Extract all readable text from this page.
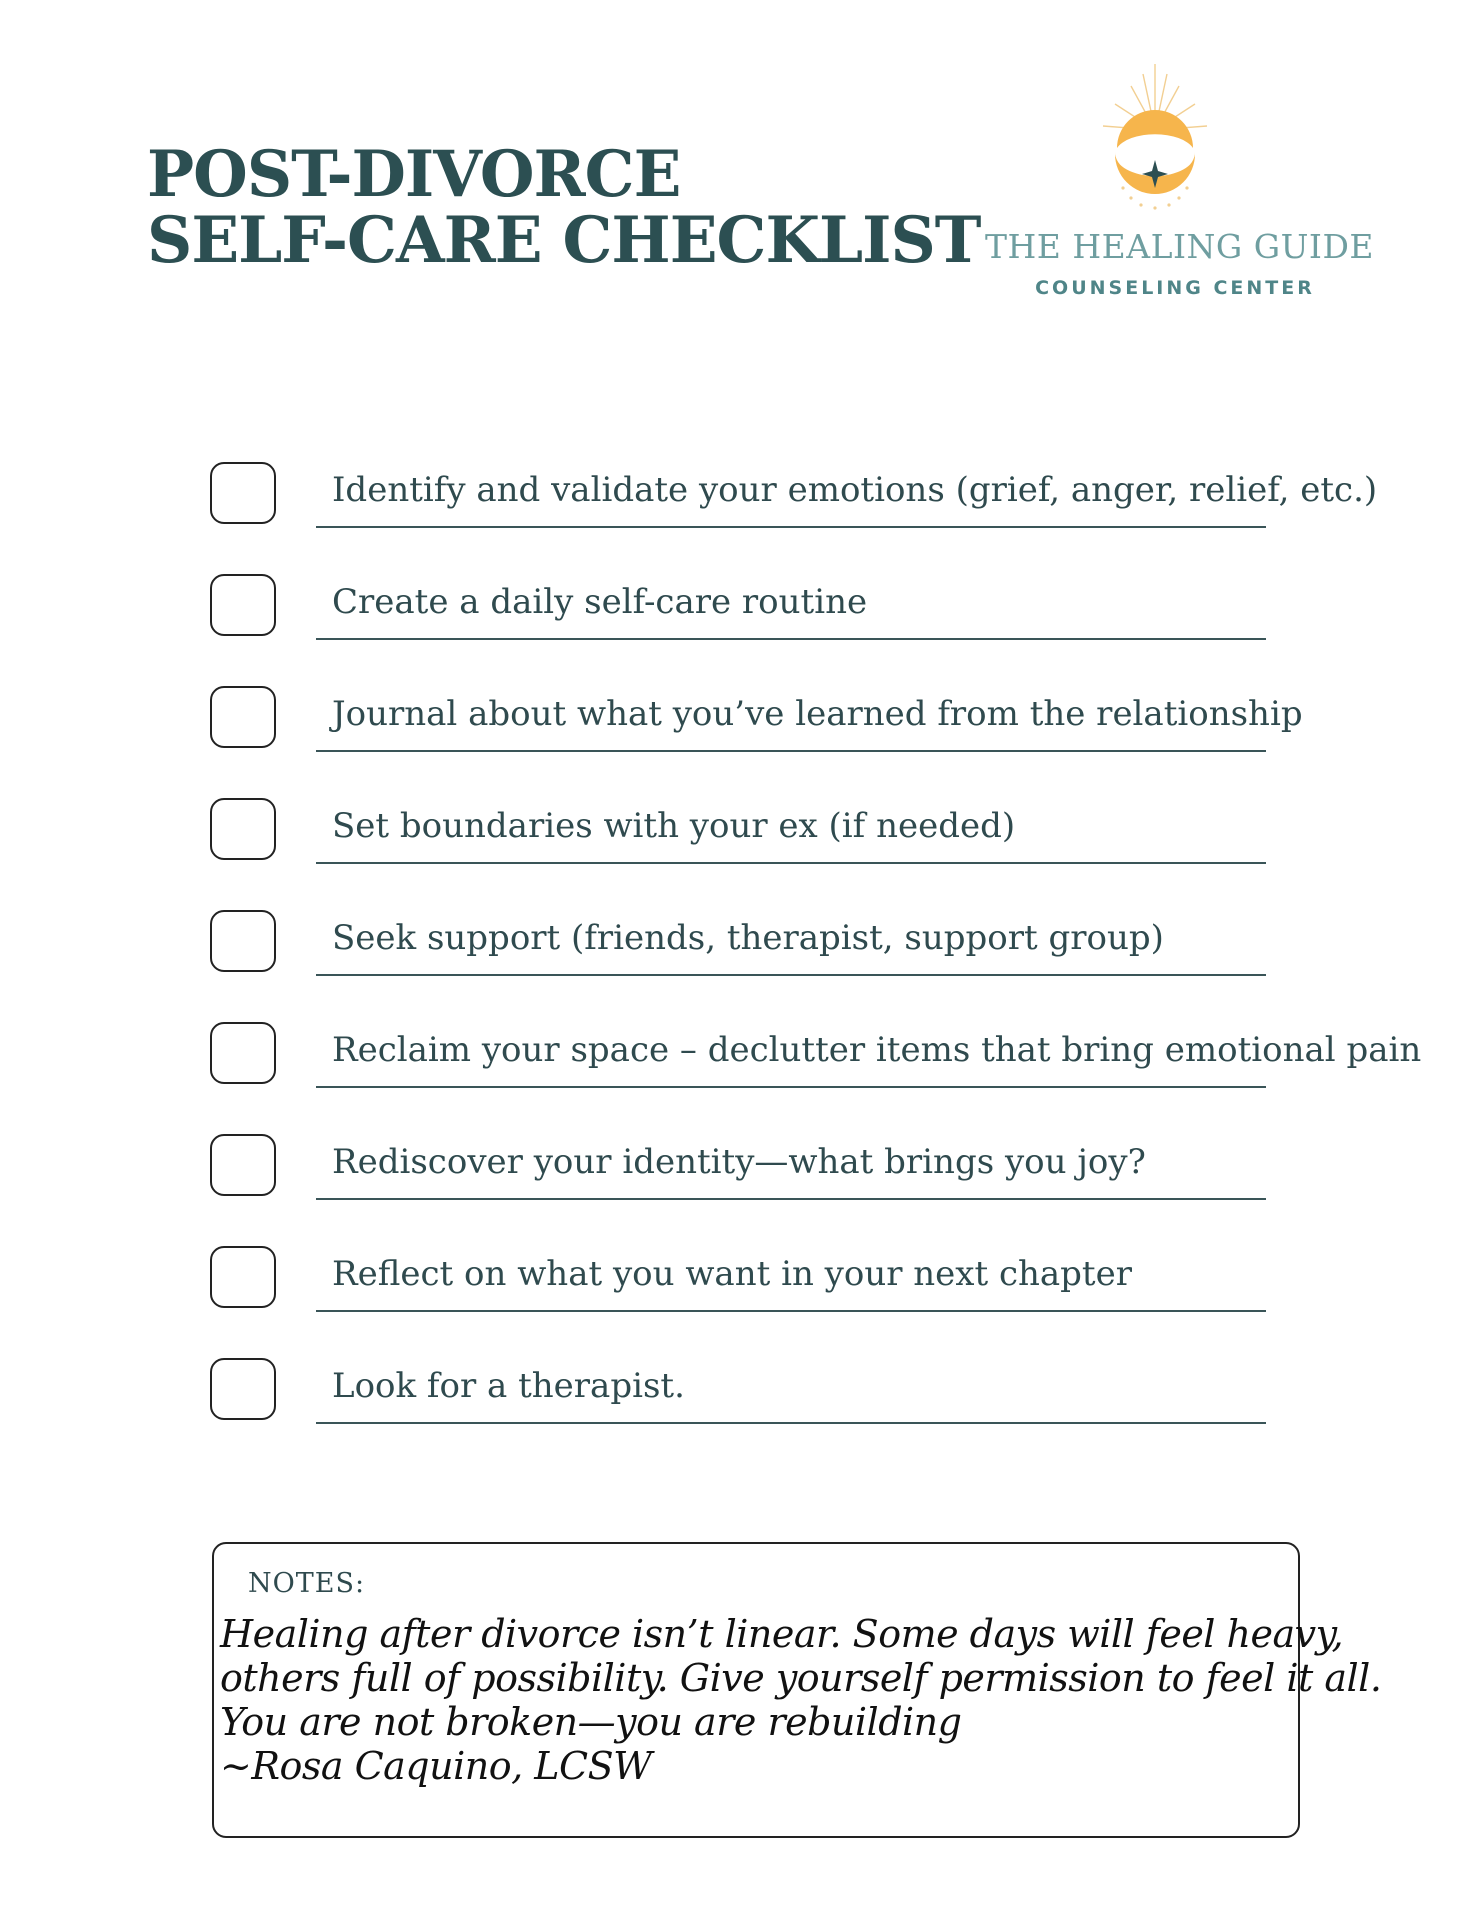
POST-DIVORCE
SELF-CARE CHECKLIST THE HEALING GUIDE
COUNSELING CENTER
Identify and validate your emotions (grief, anger, relief, etc.)
Create a daily self-care routine
Journal about what you’ve learned from the relationship
Set boundaries with your ex (if needed)
Seek support (friends, therapist, support group)
Reclaim your space – declutter items that bring emotional pain
Rediscover your identity—what brings you joy?
Reflect on what you want in your next chapter
Look for a therapist.
NOTES:
Healing after divorce isn’t linear. Some days will feel heavy,
others full of possibility. Give yourself permission to feel it all.
You are not broken—you are rebuilding
~Rosa Caquino, LCSW
